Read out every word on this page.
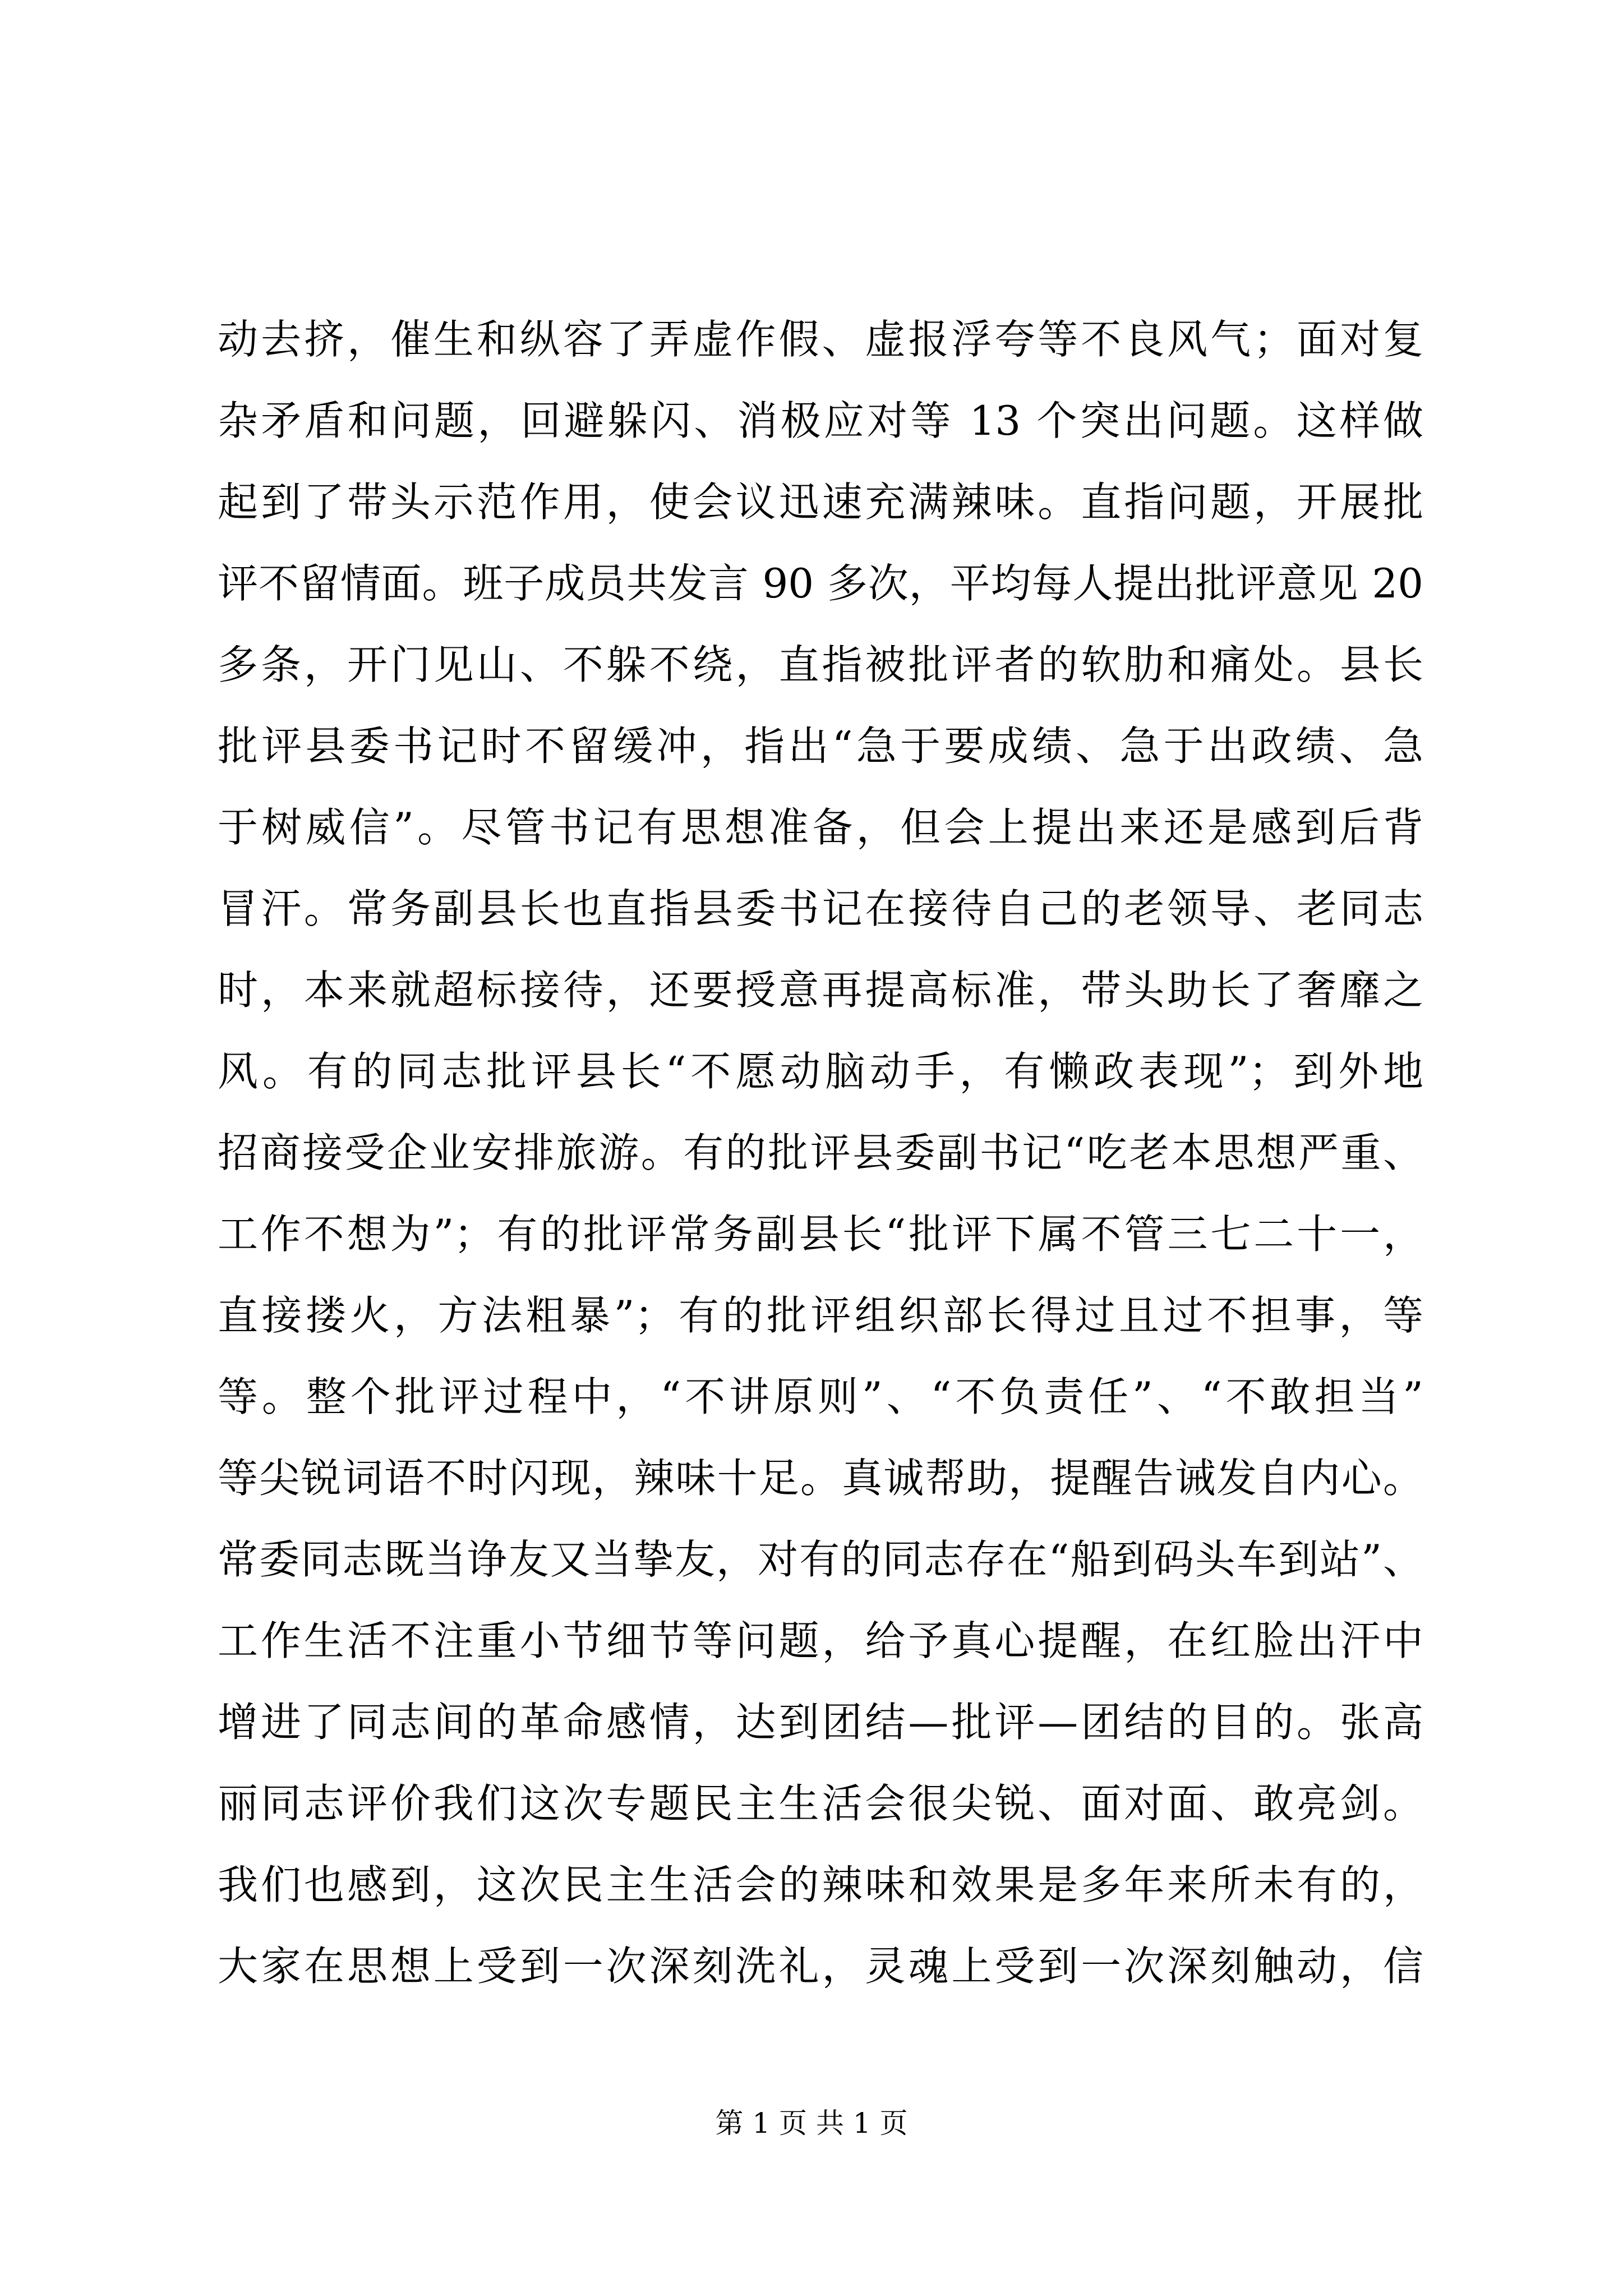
动去挤，催生和纵容了弄虚作假、虚报浮夸等不良风气；面对复
杂矛盾和问题，回避躲闪、消极应对等 13 个突出问题。这样做
起到了带头示范作用，使会议迅速充满辣味。直指问题，开展批
评不留情面。班子成员共发言 90 多次，平均每人提出批评意见 20
多条，开门见山、不躲不绕，直指被批评者的软肋和痛处。县长
批评县委书记时不留缓冲，指出“急于要成绩、急于出政绩、急
于树威信”。尽管书记有思想准备，但会上提出来还是感到后背
冒汗。常务副县长也直指县委书记在接待自己的老领导、老同志
时，本来就超标接待，还要授意再提高标准，带头助长了奢靡之
风。有的同志批评县长“不愿动脑动手，有懒政表现”；到外地
招商接受企业安排旅游。有的批评县委副书记“吃老本思想严重、
工作不想为”；有的批评常务副县长“批评下属不管三七二十一，
直接搂火，方法粗暴”；有的批评组织部长得过且过不担事，等
等。整个批评过程中，“不讲原则”、“不负责任”、“不敢担当”
等尖锐词语不时闪现，辣味十足。真诚帮助，提醒告诫发自内心。
常委同志既当诤友又当挚友，对有的同志存在“船到码头车到站”、
工作生活不注重小节细节等问题，给予真心提醒，在红脸出汗中
增进了同志间的革命感情，达到团结—批评—团结的目的。张高
丽同志评价我们这次专题民主生活会很尖锐、面对面、敢亮剑。
我们也感到，这次民主生活会的辣味和效果是多年来所未有的，
大家在思想上受到一次深刻洗礼，灵魂上受到一次深刻触动，信
第 1 页 共 1 页
